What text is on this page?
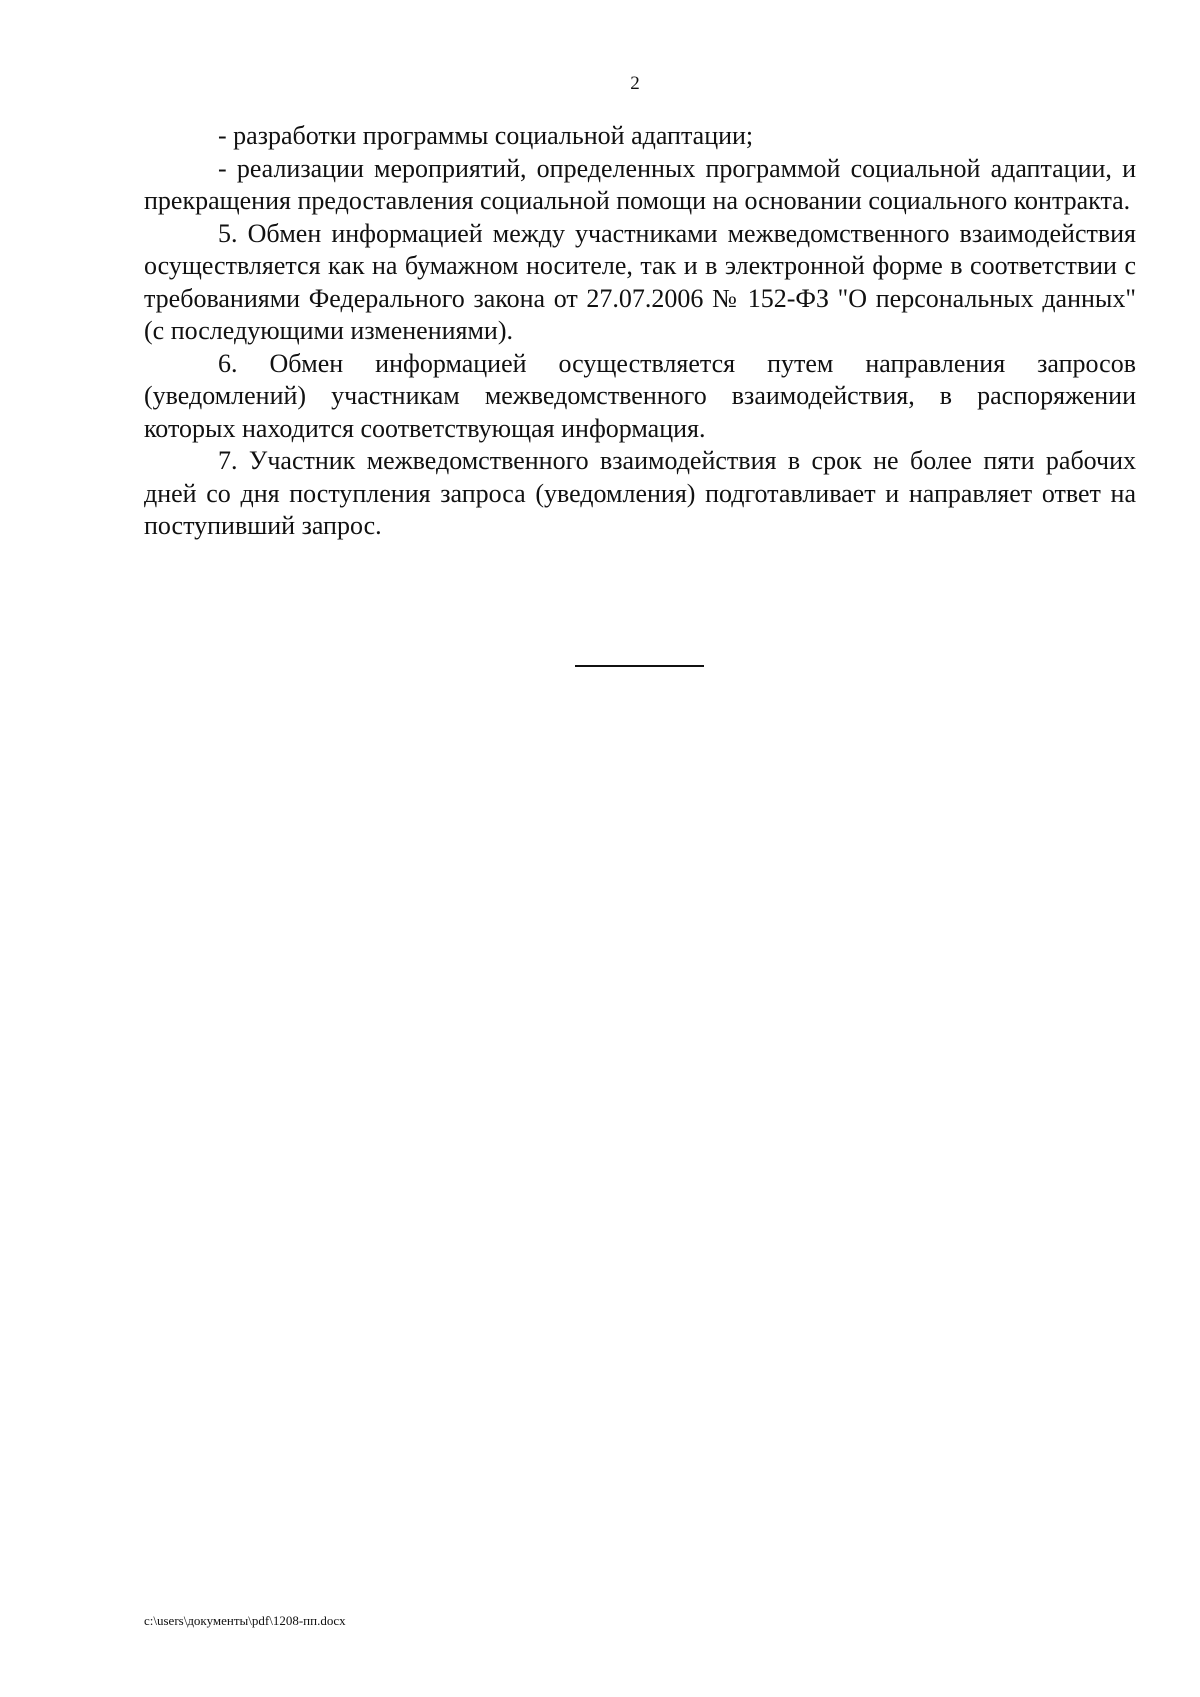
2

- разработки программы социальной адаптации;

- реализации мероприятий, определенных программой социальной адаптации, и прекращения предоставления социальной помощи на основании социального контракта.

5. Обмен информацией между участниками межведомственного взаимодействия осуществляется как на бумажном носителе, так и в электронной форме в соответствии с требованиями Федерального закона от 27.07.2006 № 152-ФЗ "О персональных данных" (с последующими изменениями).

6. Обмен информацией осуществляется путем направления запросов (уведомлений) участникам межведомственного взаимодействия, в распоряжении которых находится соответствующая информация.

7. Участник межведомственного взаимодействия в срок не более пяти рабочих дней со дня поступления запроса (уведомления) подготавливает и направляет ответ на поступивший запрос.

c:\users\документы\pdf\1208-пп.docx
